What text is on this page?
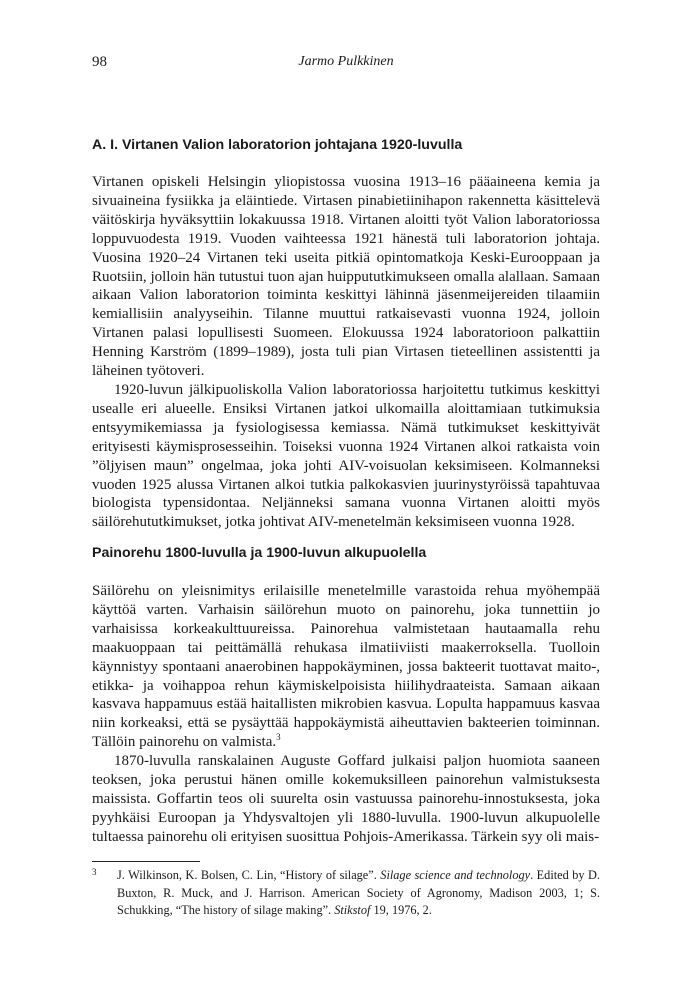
98	Jarmo Pulkkinen
A. I. Virtanen Valion laboratorion johtajana 1920-luvulla

Virtanen opiskeli Helsingin yliopistossa vuosina 1913–16 pääaineena kemia ja sivuaineina fysiikka ja eläintiede. Virtasen pinabietiinihapon rakennetta käsittelevä väitöskirja hyväksyttiin lokakuussa 1918. Virtanen aloitti työt Valion laboratoriossa loppuvuodesta 1919. Vuoden vaihteessa 1921 hänestä tuli laboratorion johtaja. Vuosina 1920–24 Virtanen teki useita pitkiä opintomatkoja Keski-Eurooppaan ja Ruotsiin, jolloin hän tutustui tuon ajan huippututkimukseen omalla alallaan. Samaan aikaan Valion laboratorion toiminta keskittyi lähinnä jäsenmeijereiden tilaamiin kemiallisiin analyyseihin. Tilanne muuttui ratkaisevasti vuonna 1924, jolloin Virtanen palasi lopullisesti Suomeen. Elokuussa 1924 laboratorioon palkattiin Henning Karström (1899–1989), josta tuli pian Virtasen tieteellinen assistentti ja läheinen työtoveri.

1920-luvun jälkipuoliskolla Valion laboratoriossa harjoitettu tutkimus keskittyi usealle eri alueelle. Ensiksi Virtanen jatkoi ulkomailla aloittamiaan tutkimuksia entsyymikemiassa ja fysiologisessa kemiassa. Nämä tutkimukset keskittyivät erityisesti käymisprosesseihin. Toiseksi vuonna 1924 Virtanen alkoi ratkaista voin ”öljyisen maun” ongelmaa, joka johti AIV-voisuolan keksimiseen. Kolmanneksi vuoden 1925 alussa Virtanen alkoi tutkia palkokasvien juurinystyröissä tapahtuvaa biologista typensidontaa. Neljänneksi samana vuonna Virtanen aloitti myös säilörehututkimukset, jotka johtivat AIV-menetelmän keksimiseen vuonna 1928.

Painorehu 1800-luvulla ja 1900-luvun alkupuolella

Säilörehu on yleisnimitys erilaisille menetelmille varastoida rehua myöhempää käyttöä varten. Varhaisin säilörehun muoto on painorehu, joka tunnettiin jo varhaisissa korkeakulttuureissa. Painorehua valmistetaan hautaamalla rehu maakuoppaan tai peittämällä rehukasa ilmatiiviisti maakerroksella. Tuolloin käynnistyy spontaani anaerobinen happokäyminen, jossa bakteerit tuottavat maito-, etikka- ja voihappoa rehun käymiskelpoisista hiilihydraateista. Samaan aikaan kasvava happamuus estää haitallisten mikrobien kasvua. Lopulta happamuus kasvaa niin korkeaksi, että se pysäyttää happokäymistä aiheuttavien bakteerien toiminnan. Tällöin painorehu on valmista.$^3$

1870-luvulla ranskalainen Auguste Goffard julkaisi paljon huomiota saaneen teoksen, joka perustui hänen omille kokemuksilleen painorehun valmistuksesta maissista. Goffartin teos oli suurelta osin vastuussa painorehu-innostuksesta, joka pyyhkäisi Euroopan ja Yhdysvaltojen yli 1880-luvulla. 1900-luvun alkupuolelle tultaessa painorehu oli erityisen suosittua Pohjois-Amerikassa. Tärkein syy oli mais-

3 J. Wilkinson, K. Bolsen, C. Lin, “History of silage”. Silage science and technology. Edited by D. Buxton, R. Muck, and J. Harrison. American Society of Agronomy, Madison 2003, 1; S. Schukking, “The history of silage making”. Stikstof 19, 1976, 2.
